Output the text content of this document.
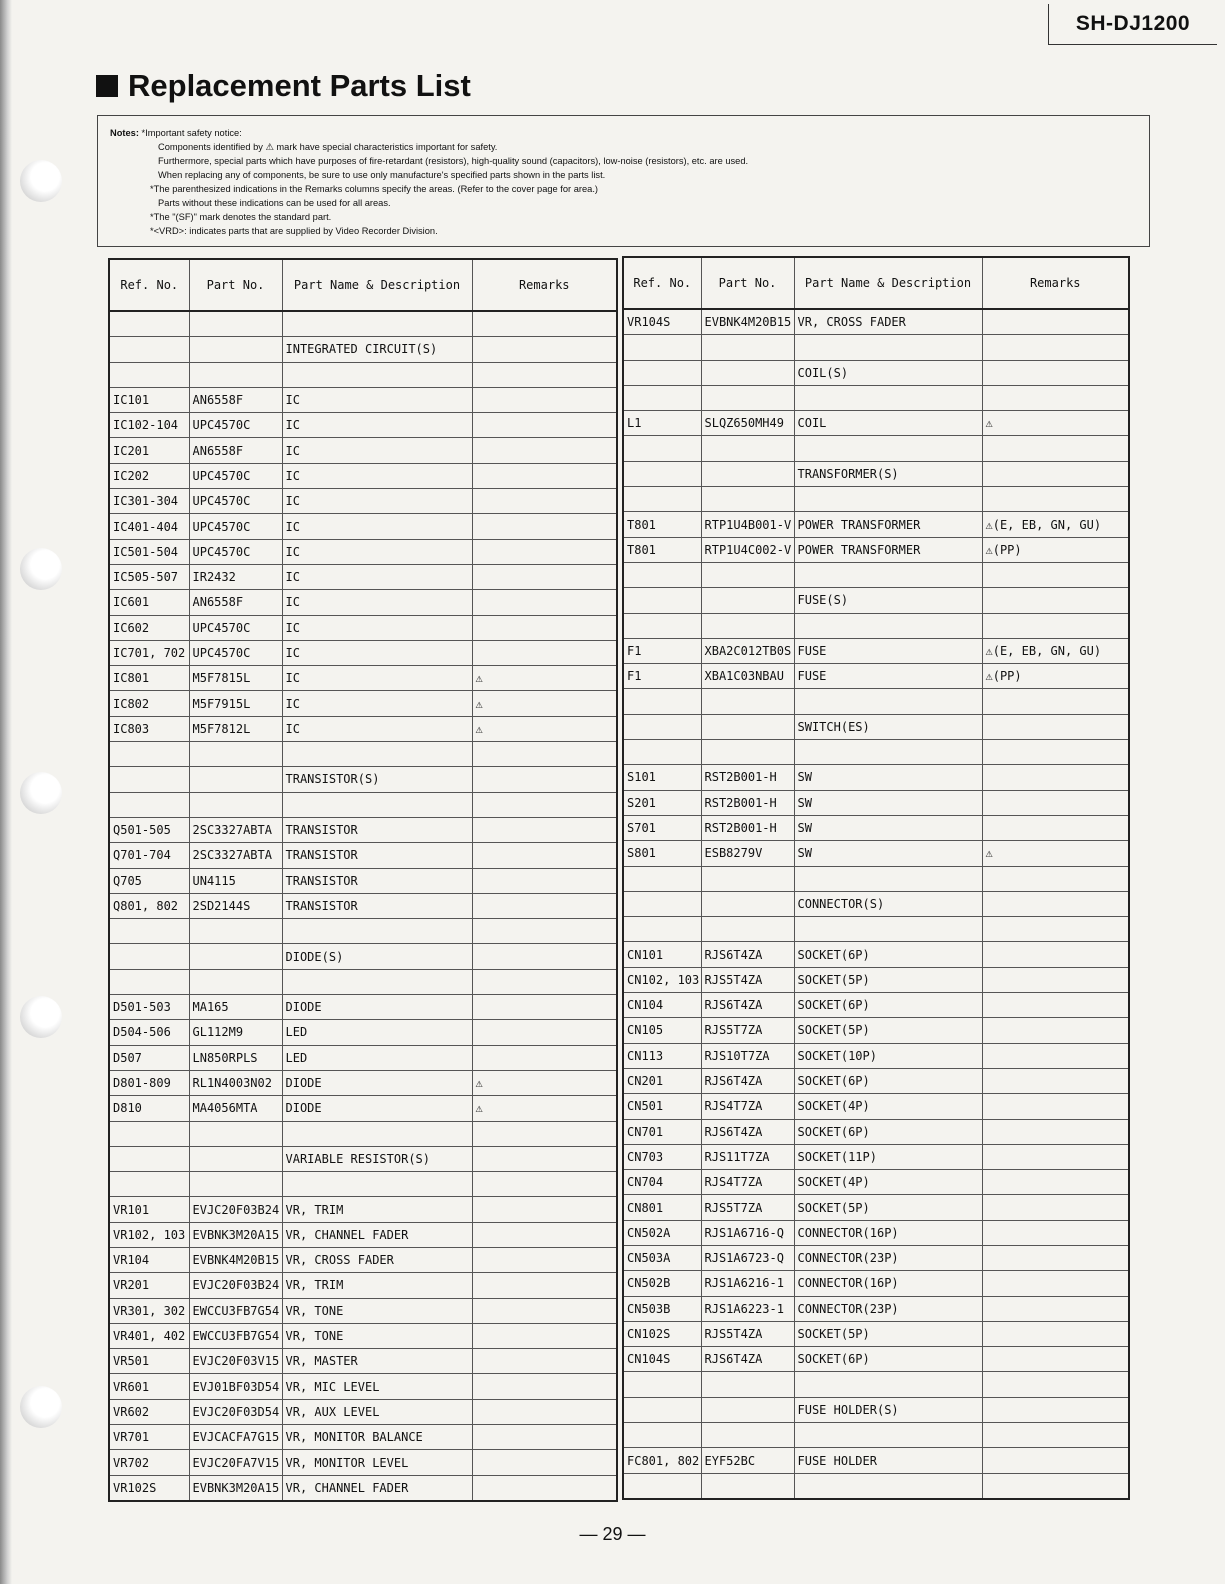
SH-DJ1200
Replacement Parts List
Notes: *Important safety notice:
Components identified by ⚠ mark have special characteristics important for safety.
Furthermore, special parts which have purposes of fire-retardant (resistors), high-quality sound (capacitors), low-noise (resistors), etc. are used.
When replacing any of components, be sure to use only manufacture's specified parts shown in the parts list.
*The parenthesized indications in the Remarks columns specify the areas. (Refer to the cover page for area.)
Parts without these indications can be used for all areas.
*The "(SF)" mark denotes the standard part.
*<VRD>: indicates parts that are supplied by Video Recorder Division.
Ref. No.	Part No.	Part Name & Description	Remarks

		INTEGRATED CIRCUIT(S)	

IC101	AN6558F	IC	
IC102-104	UPC4570C	IC	
IC201	AN6558F	IC	
IC202	UPC4570C	IC	
IC301-304	UPC4570C	IC	
IC401-404	UPC4570C	IC	
IC501-504	UPC4570C	IC	
IC505-507	IR2432	IC	
IC601	AN6558F	IC	
IC602	UPC4570C	IC	
IC701, 702	UPC4570C	IC	
IC801	M5F7815L	IC	⚠
IC802	M5F7915L	IC	⚠
IC803	M5F7812L	IC	⚠

		TRANSISTOR(S)	

Q501-505	2SC3327ABTA	TRANSISTOR	
Q701-704	2SC3327ABTA	TRANSISTOR	
Q705	UN4115	TRANSISTOR	
Q801, 802	2SD2144S	TRANSISTOR	

		DIODE(S)	

D501-503	MA165	DIODE	
D504-506	GL112M9	LED	
D507	LN850RPLS	LED	
D801-809	RL1N4003N02	DIODE	⚠
D810	MA4056MTA	DIODE	⚠

		VARIABLE RESISTOR(S)	

VR101	EVJC20F03B24	VR, TRIM	
VR102, 103	EVBNK3M20A15	VR, CHANNEL FADER	
VR104	EVBNK4M20B15	VR, CROSS FADER	
VR201	EVJC20F03B24	VR, TRIM	
VR301, 302	EWCCU3FB7G54	VR, TONE	
VR401, 402	EWCCU3FB7G54	VR, TONE	
VR501	EVJC20F03V15	VR, MASTER	
VR601	EVJ01BF03D54	VR, MIC LEVEL	
VR602	EVJC20F03D54	VR, AUX LEVEL	
VR701	EVJCACFA7G15	VR, MONITOR BALANCE	
VR702	EVJC20FA7V15	VR, MONITOR LEVEL	
VR102S	EVBNK3M20A15	VR, CHANNEL FADER	
Ref. No.	Part No.	Part Name & Description	Remarks
VR104S	EVBNK4M20B15	VR, CROSS FADER	

		COIL(S)	

L1	SLQZ650MH49	COIL	⚠

		TRANSFORMER(S)	

T801	RTP1U4B001-V	POWER TRANSFORMER	⚠(E, EB, GN, GU)
T801	RTP1U4C002-V	POWER TRANSFORMER	⚠(PP)

		FUSE(S)	

F1	XBA2C012TB0S	FUSE	⚠(E, EB, GN, GU)
F1	XBA1C03NBAU	FUSE	⚠(PP)

		SWITCH(ES)	

S101	RST2B001-H	SW	
S201	RST2B001-H	SW	
S701	RST2B001-H	SW	
S801	ESB8279V	SW	⚠

		CONNECTOR(S)	

CN101	RJS6T4ZA	SOCKET(6P)	
CN102, 103	RJS5T4ZA	SOCKET(5P)	
CN104	RJS6T4ZA	SOCKET(6P)	
CN105	RJS5T7ZA	SOCKET(5P)	
CN113	RJS10T7ZA	SOCKET(10P)	
CN201	RJS6T4ZA	SOCKET(6P)	
CN501	RJS4T7ZA	SOCKET(4P)	
CN701	RJS6T4ZA	SOCKET(6P)	
CN703	RJS11T7ZA	SOCKET(11P)	
CN704	RJS4T7ZA	SOCKET(4P)	
CN801	RJS5T7ZA	SOCKET(5P)	
CN502A	RJS1A6716-Q	CONNECTOR(16P)	
CN503A	RJS1A6723-Q	CONNECTOR(23P)	
CN502B	RJS1A6216-1	CONNECTOR(16P)	
CN503B	RJS1A6223-1	CONNECTOR(23P)	
CN102S	RJS5T4ZA	SOCKET(5P)	
CN104S	RJS6T4ZA	SOCKET(6P)	

		FUSE HOLDER(S)	

FC801, 802	EYF52BC	FUSE HOLDER	

— 29 —
